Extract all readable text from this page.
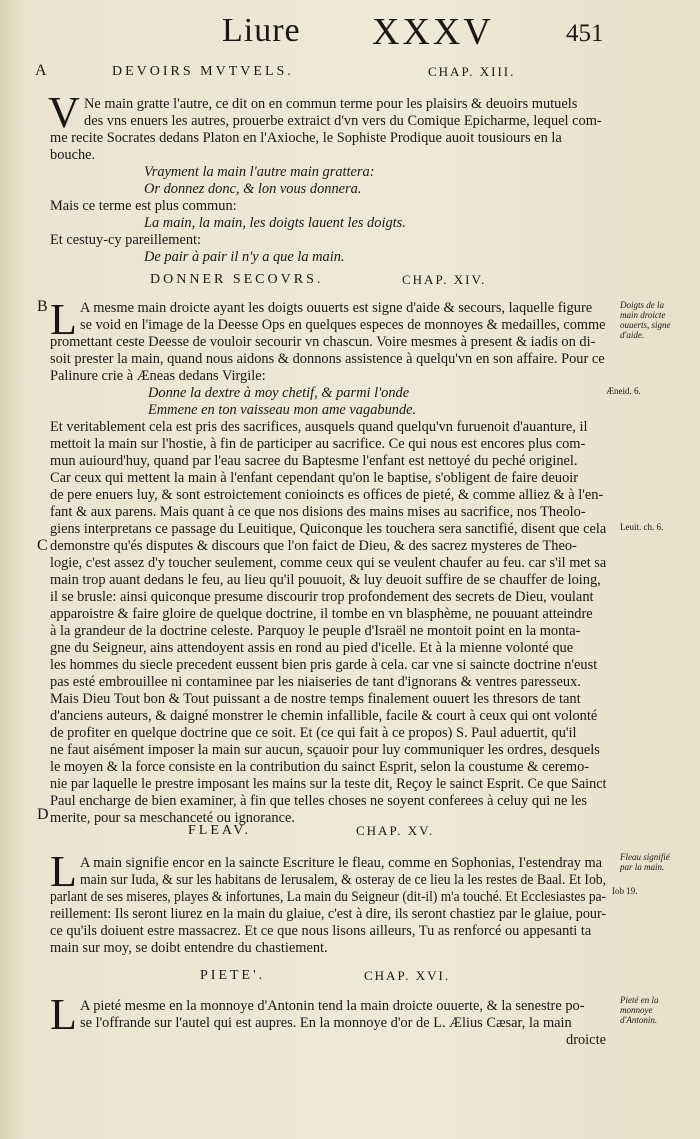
Liure XXXV	451
A	DEVOIRS MVTVELS.	CHAP. XIII.
V Ne main gratte l'autre, ce dit on en commun terme pour les plaisirs & deuoirs mutuels
des vns enuers les autres, prouerbe extraict d'vn vers du Comique Epicharme, lequel com-
me recite Socrates dedans Platon en l'Axioche, le Sophiste Prodique auoit tousiours en la
bouche.
Vrayment la main l'autre main grattera:
Or donnez donc, & lon vous donnera.
Mais ce terme est plus commun:
La main, la main, les doigts lauent les doigts.
Et cestuy-cy pareillement:
De pair à pair il n'y a que la main.
DONNER SECOVRS.	CHAP. XIV.
B L	Doigts de la main droicte ouuerts, signe d'aide.
A mesme main droicte ayant les doigts ouuerts est signe d'aide & secours, laquelle figure
se void en l'image de la Deesse Ops en quelques especes de monnoyes & medailles, comme
promettant ceste Deesse de vouloir secourir vn chascun. Voire mesmes à present & iadis on di-
soit prester la main, quand nous aidons & donnons assistence à quelqu'vn en son affaire. Pour ce
Palinure crie à Æneas dedans Virgile:
Donne la dextre à moy chetif, & parmi l'onde	Æneid. 6.
Emmene en ton vaisseau mon ame vagabunde.
Et veritablement cela est pris des sacrifices, ausquels quand quelqu'vn furuenoit d'auanture, il
mettoit la main sur l'hostie, à fin de participer au sacrifice. Ce qui nous est encores plus com-
mun auiourd'huy, quand par l'eau sacree du Baptesme l'enfant est nettoyé du peché originel.
Car ceux qui mettent la main à l'enfant cependant qu'on le baptise, s'obligent de faire deuoir
de pere enuers luy, & sont estroictement conioincts es offices de pieté, & comme alliez & à l'en-
fant & aux parens. Mais quant à ce que nos disions des mains mises au sacrifice, nos Theolo-
giens interpretans ce passage du Leuitique, Quiconque les touchera sera sanctifié, disent que cela Leuit. ch. 6.
C demonstre qu'és disputes & discours que l'on faict de Dieu, & des sacrez mysteres de Theo-
logie, c'est assez d'y toucher seulement, comme ceux qui se veulent chaufer au feu. car s'il met sa
main trop auant dedans le feu, au lieu qu'il pouuoit, & luy deuoit suffire de se chauffer de loing,
il se brusle: ainsi quiconque presume discourir trop profondement des secrets de Dieu, voulant
apparoistre & faire gloire de quelque doctrine, il tombe en vn blasphème, ne pouuant atteindre
à la grandeur de la doctrine celeste. Parquoy le peuple d'Israël ne montoit point en la monta-
gne du Seigneur, ains attendoyent assis en rond au pied d'icelle. Et à la mienne volonté que
les hommes du siecle precedent eussent bien pris garde à cela. car vne si saincte doctrine n'eust
pas esté embrouillee ni contaminee par les niaiseries de tant d'ignorans & ventres paresseux.
Mais Dieu Tout bon & Tout puissant a de nostre temps finalement ouuert les thresors de tant
d'anciens auteurs, & daigné monstrer le chemin infallible, facile & court à ceux qui ont volonté
de profiter en quelque doctrine que ce soit. Et (ce qui fait à ce propos) S. Paul aduertit, qu'il
ne faut aisément imposer la main sur aucun, sçauoir pour luy communiquer les ordres, desquels
le moyen & la force consiste en la contribution du sainct Esprit, selon la coustume & ceremo-
nie par laquelle le prestre imposant les mains sur la teste dit, Reçoy le sainct Esprit. Ce que Sainct
Paul encharge de bien examiner, à fin que telles choses ne soyent conferees à celuy qui ne les
D merite, pour sa meschanceté ou ignorance.
FLEAV.	CHAP. XV.
L	Fleau signifié par la main.
Iob 19.
A main signifie encor en la saincte Escriture le fleau, comme en Sophonias, I'estendray ma
main sur Iuda, & sur les habitans de Ierusalem, & osteray de ce lieu la les restes de Baal. Et Iob,
parlant de ses miseres, playes & infortunes, La main du Seigneur (dit-il) m'a touché. Et Ecclesiastes pa-
reillement: Ils seront liurez en la main du glaiue, c'est à dire, ils seront chastiez par le glaiue, pour-
ce qu'ils doiuent estre massacrez. Et ce que nous lisons ailleurs, Tu as renforcé ou appesanti ta
main sur moy, se doibt entendre du chastiement.
PIETE'.	CHAP. XVI.
L	Pieté en la monnoye d'Antonin.
A pieté mesme en la monnoye d'Antonin tend la main droicte ouuerte, & la senestre po-
se l'offrande sur l'autel qui est aupres. En la monnoye d'or de L. Ælius Cæsar, la main
droicte
